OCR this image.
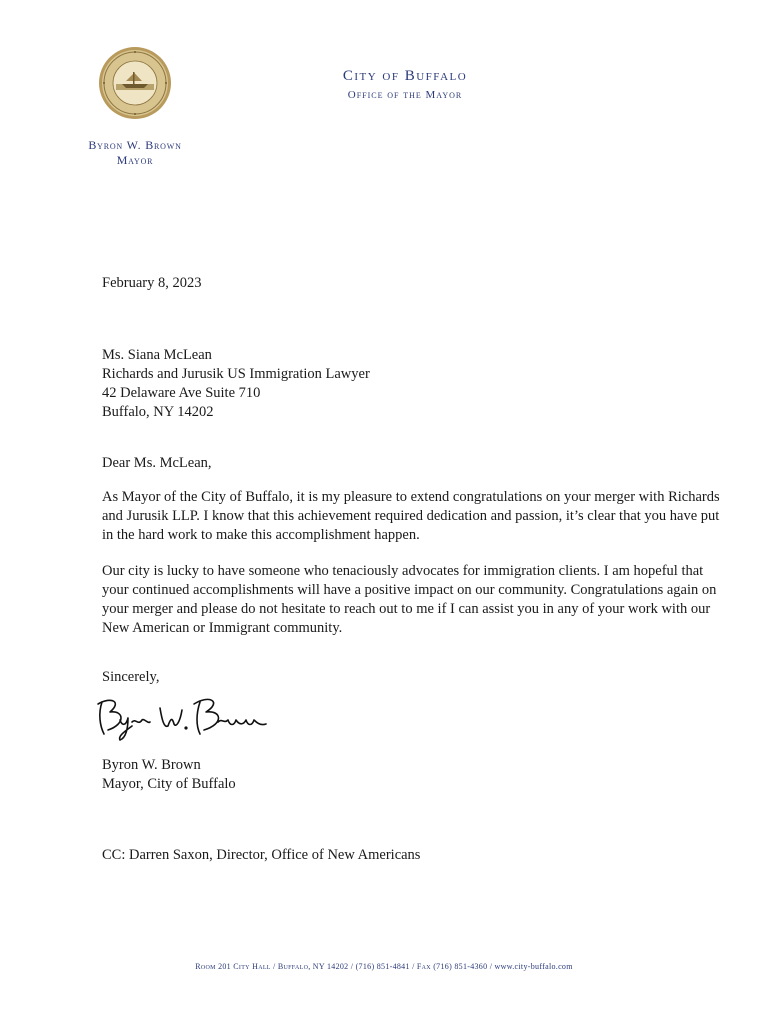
City of Buffalo

Office of the Mayor

Byron W. Brown

Mayor

February 8, 2023

Ms. Siana McLean
Richards and Jurusik US Immigration Lawyer
42 Delaware Ave Suite 710
Buffalo, NY 14202

Dear Ms. McLean,

As Mayor of the City of Buffalo, it is my pleasure to extend congratulations on your merger with Richards and Jurusik LLP. I know that this achievement required dedication and passion, it’s clear that you have put in the hard work to make this accomplishment happen.

Our city is lucky to have someone who tenaciously advocates for immigration clients. I am hopeful that your continued accomplishments will have a positive impact on our community. Congratulations again on your merger and please do not hesitate to reach out to me if I can assist you in any of your work with our New American or Immigrant community.

Sincerely,

Byron W. Brown
Mayor, City of Buffalo

CC: Darren Saxon, Director, Office of New Americans

Room 201 City Hall / Buffalo, NY 14202 / (716) 851-4841 / Fax (716) 851-4360 / www.city-buffalo.com
